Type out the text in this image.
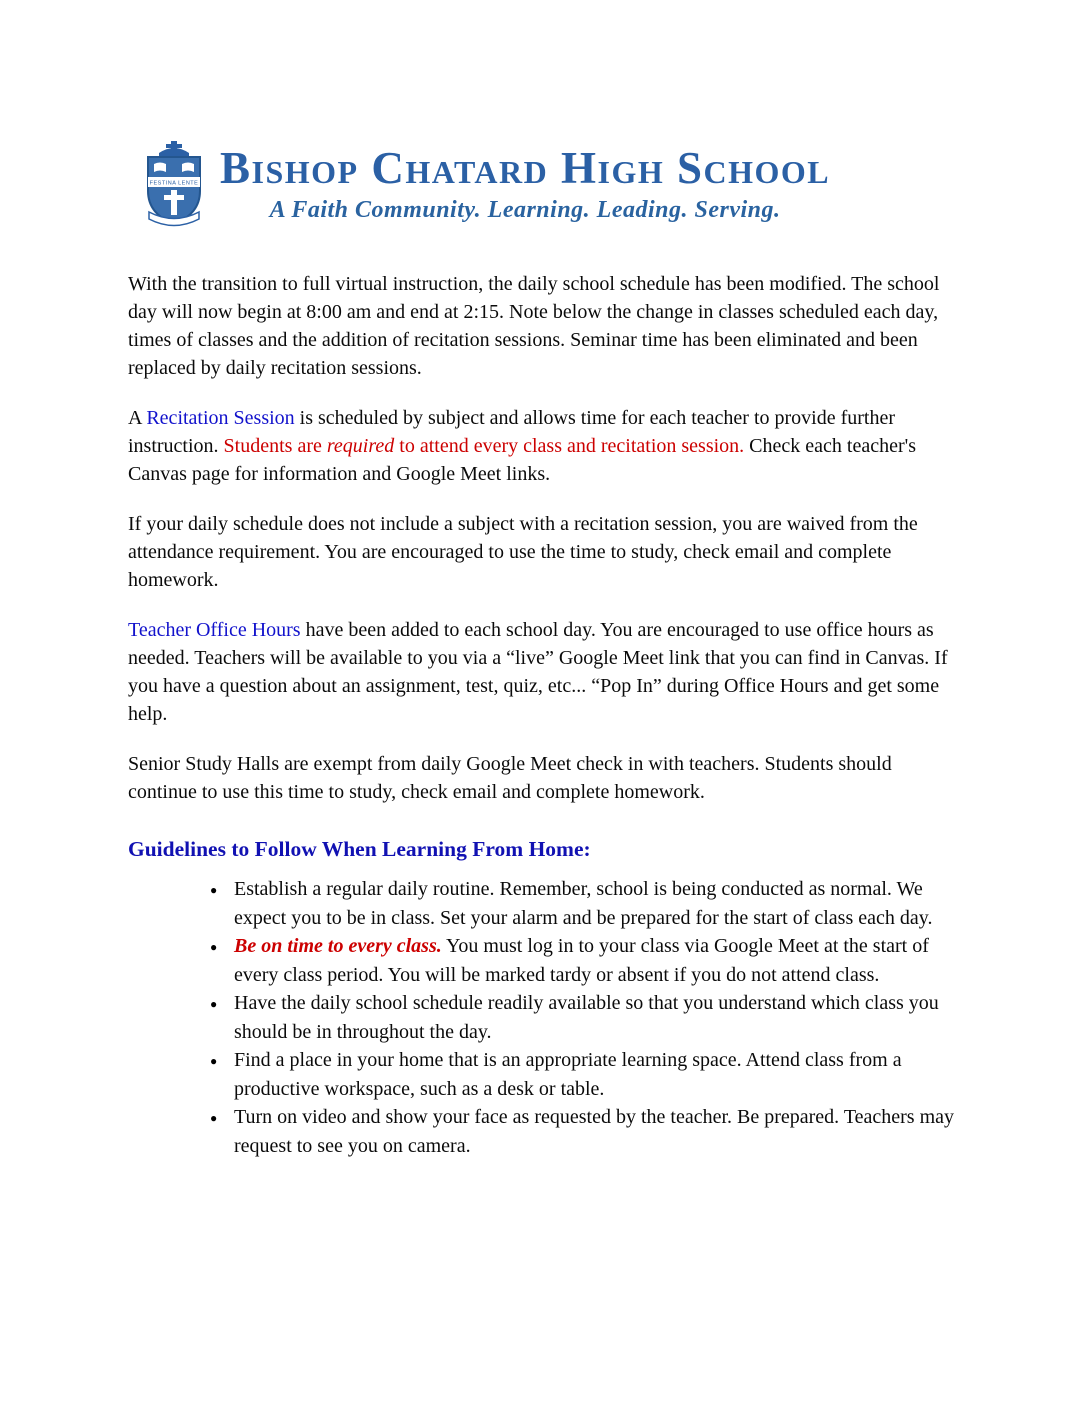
FESTINA LENTE Bishop Chatard High School
A Faith Community. Learning. Leading. Serving.

With the transition to full virtual instruction, the daily school schedule has been modified. The school day will now begin at 8:00 am and end at 2:15. Note below the change in classes scheduled each day, times of classes and the addition of recitation sessions. Seminar time has been eliminated and been replaced by daily recitation sessions.

A Recitation Session is scheduled by subject and allows time for each teacher to provide further instruction. Students are required to attend every class and recitation session. Check each teacher's Canvas page for information and Google Meet links.

If your daily schedule does not include a subject with a recitation session, you are waived from the attendance requirement. You are encouraged to use the time to study, check email and complete homework.

Teacher Office Hours have been added to each school day. You are encouraged to use office hours as needed. Teachers will be available to you via a “live” Google Meet link that you can find in Canvas. If you have a question about an assignment, test, quiz, etc... “Pop In” during Office Hours and get some help.

Senior Study Halls are exempt from daily Google Meet check in with teachers. Students should continue to use this time to study, check email and complete homework.

Guidelines to Follow When Learning From Home:
● Establish a regular daily routine. Remember, school is being conducted as normal. We expect you to be in class. Set your alarm and be prepared for the start of class each day.
● Be on time to every class. You must log in to your class via Google Meet at the start of every class period. You will be marked tardy or absent if you do not attend class.
● Have the daily school schedule readily available so that you understand which class you should be in throughout the day.
● Find a place in your home that is an appropriate learning space. Attend class from a productive workspace, such as a desk or table.
● Turn on video and show your face as requested by the teacher. Be prepared. Teachers may request to see you on camera.
